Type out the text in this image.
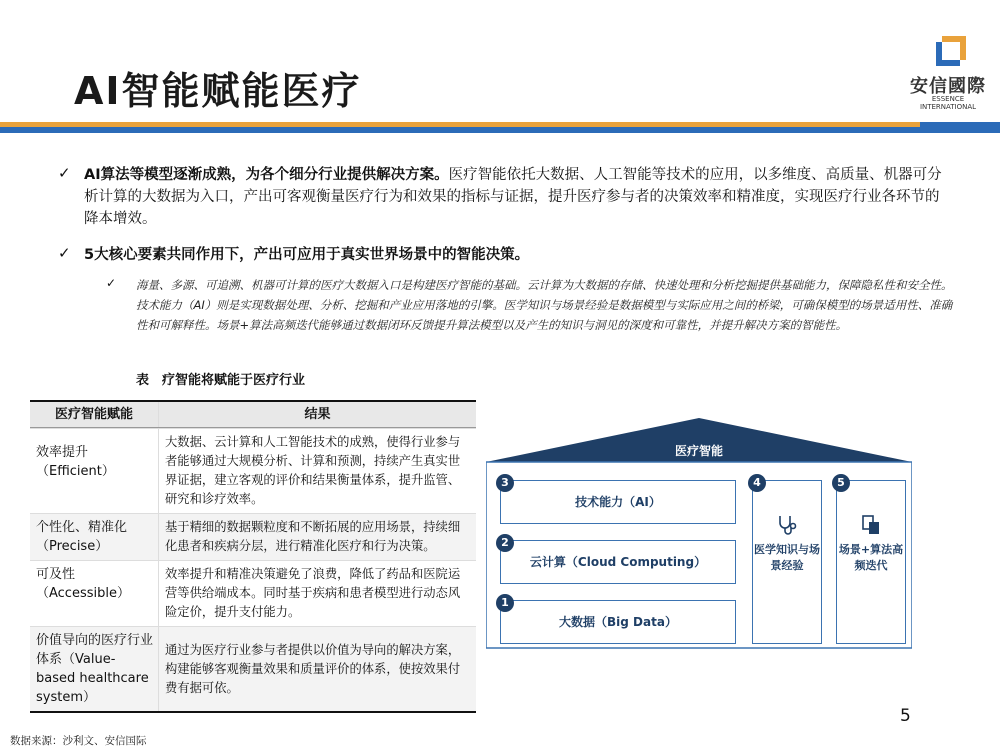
AI智能赋能医疗	安信國際
ESSENCE INTERNATIONAL
✓ AI算法等模型逐渐成熟，为各个细分行业提供解决方案。医疗智能依托大数据、人工智能等技术的应用，以多维度、高质量、机器可分析计算的大数据为入口，产出可客观衡量医疗行为和效果的指标与证据，提升医疗参与者的决策效率和精准度，实现医疗行业各环节的降本增效。
✓ 5大核心要素共同作用下，产出可应用于真实世界场景中的智能决策。
✓ 海量、多源、可追溯、机器可计算的医疗大数据入口是构建医疗智能的基础。云计算为大数据的存储、快速处理和分析挖掘提供基础能力，保障隐私性和安全性。技术能力（AI）则是实现数据处理、分析、挖掘和产业应用落地的引擎。医学知识与场景经验是数据模型与实际应用之间的桥梁，可确保模型的场景适用性、准确性和可解释性。场景+算法高频迭代能够通过数据闭环反馈提升算法模型以及产生的知识与洞见的深度和可靠性，并提升解决方案的智能性。
表　疗智能将赋能于医疗行业
医疗智能赋能	结果
效率提升（Efficient）
大数据、云计算和人工智能技术的成熟，使得行业参与者能够通过大规模分析、计算和预测，持续产生真实世界证据，建立客观的评价和结果衡量体系，提升监管、研究和诊疗效率。
个性化、精准化（Precise）
基于精细的数据颗粒度和不断拓展的应用场景，持续细化患者和疾病分层，进行精准化医疗和行为决策。
可及性（Accessible）
效率提升和精准决策避免了浪费，降低了药品和医院运营等供给端成本。同时基于疾病和患者模型进行动态风险定价，提升支付能力。
价值导向的医疗行业体系（Value-based healthcare system）
通过为医疗行业参与者提供以价值为导向的解决方案，构建能够客观衡量效果和质量评价的体系，使按效果付费有据可依。
医疗智能
3
技术能力（AI）
2
云计算（Cloud Computing）
1
大数据（Big Data）
4
医学知识与场景经验
5
场景+算法高频迭代
5
数据来源：沙利文、安信国际
